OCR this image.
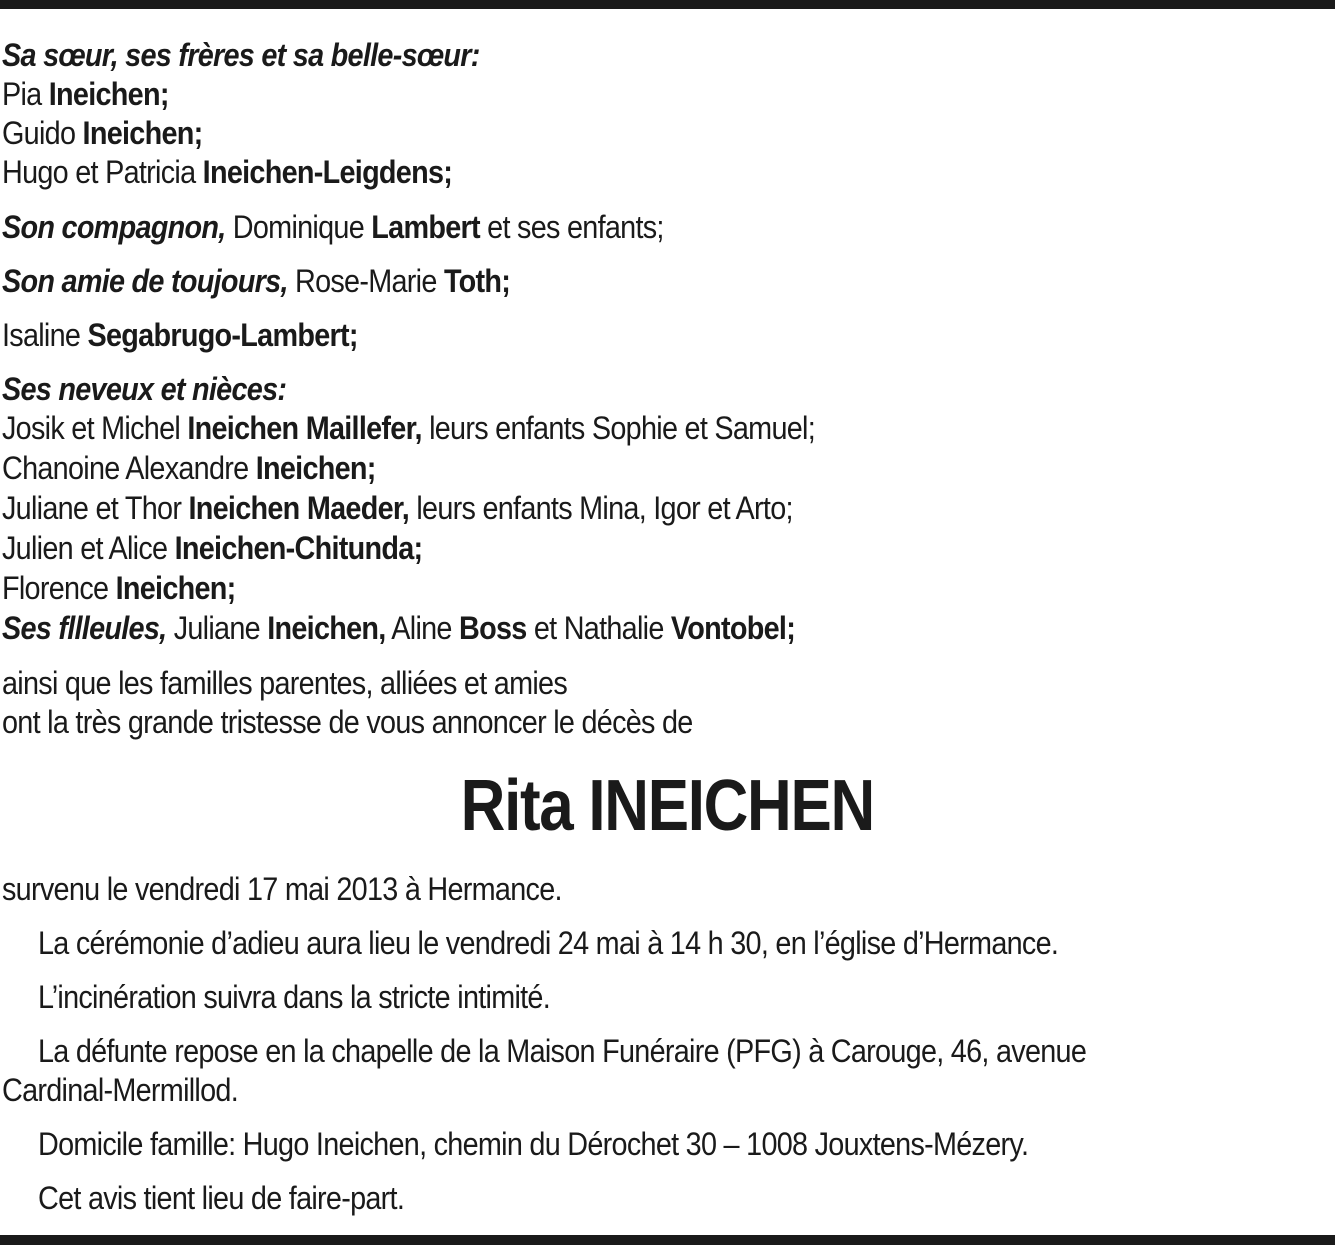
Sa sœur, ses frères et sa belle-sœur:
Pia Ineichen;
Guido Ineichen;
Hugo et Patricia Ineichen-Leigdens;
Son compagnon, Dominique Lambert et ses enfants;
Son amie de toujours, Rose-Marie Toth;
Isaline Segabrugo-Lambert;
Ses neveux et nièces:
Josik et Michel Ineichen Maillefer, leurs enfants Sophie et Samuel;
Chanoine Alexandre Ineichen;
Juliane et Thor Ineichen Maeder, leurs enfants Mina, Igor et Arto;
Julien et Alice Ineichen-Chitunda;
Florence Ineichen;
Ses fllleules, Juliane Ineichen, Aline Boss et Nathalie Vontobel;
ainsi que les familles parentes, alliées et amies
ont la très grande tristesse de vous annoncer le décès de
Rita INEICHEN
survenu le vendredi 17 mai 2013 à Hermance.
La cérémonie d’adieu aura lieu le vendredi 24 mai à 14 h 30, en l’église d’Hermance.
L’incinération suivra dans la stricte intimité.
La défunte repose en la chapelle de la Maison Funéraire (PFG) à Carouge, 46, avenue
Cardinal-Mermillod.
Domicile famille: Hugo Ineichen, chemin du Dérochet 30 – 1008 Jouxtens-Mézery.
Cet avis tient lieu de faire-part.
